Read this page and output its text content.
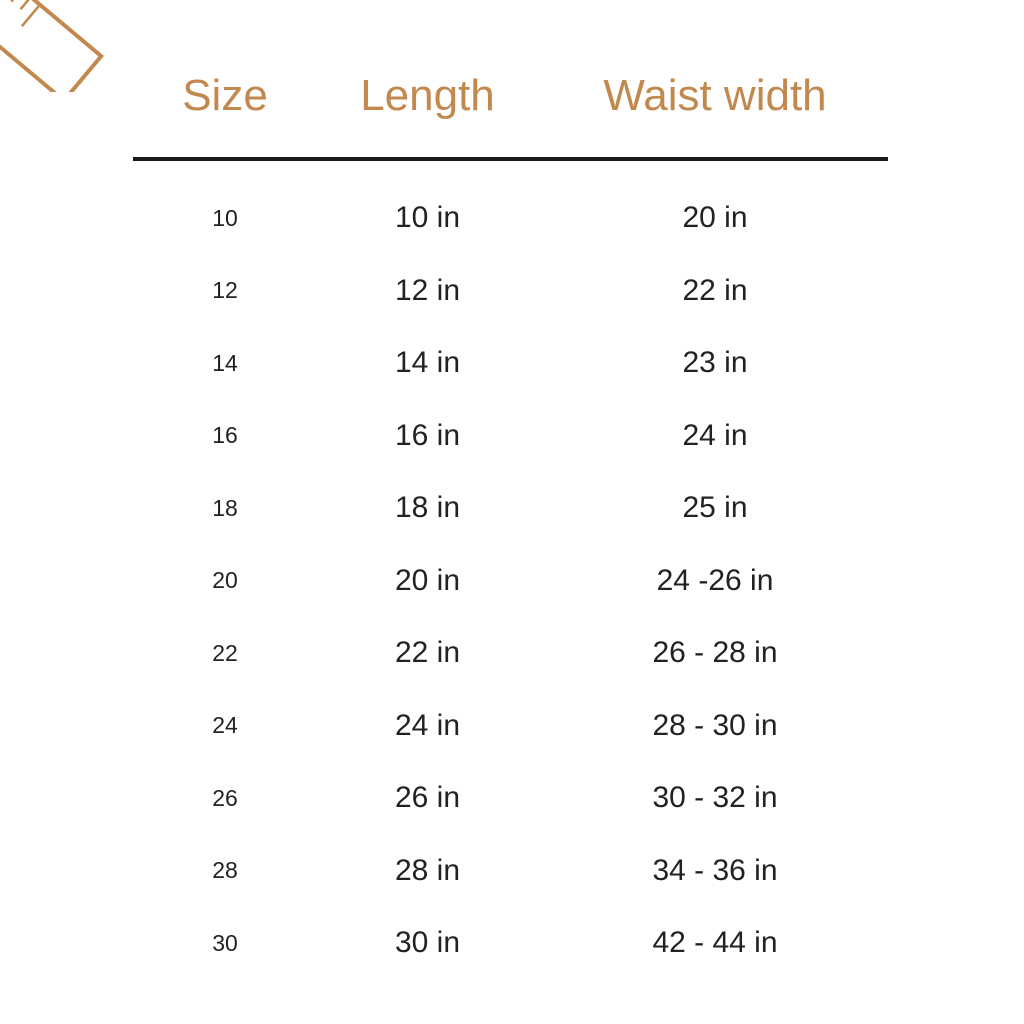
Size	Length	Waist width
10	10 in	20 in
12	12 in	22 in
14	14 in	23 in
16	16 in	24 in
18	18 in	25 in
20	20 in	24 -26 in
22	22 in	26 - 28 in
24	24 in	28 - 30 in
26	26 in	30 - 32 in
28	28 in	34 - 36 in
30	30 in	42 - 44 in
